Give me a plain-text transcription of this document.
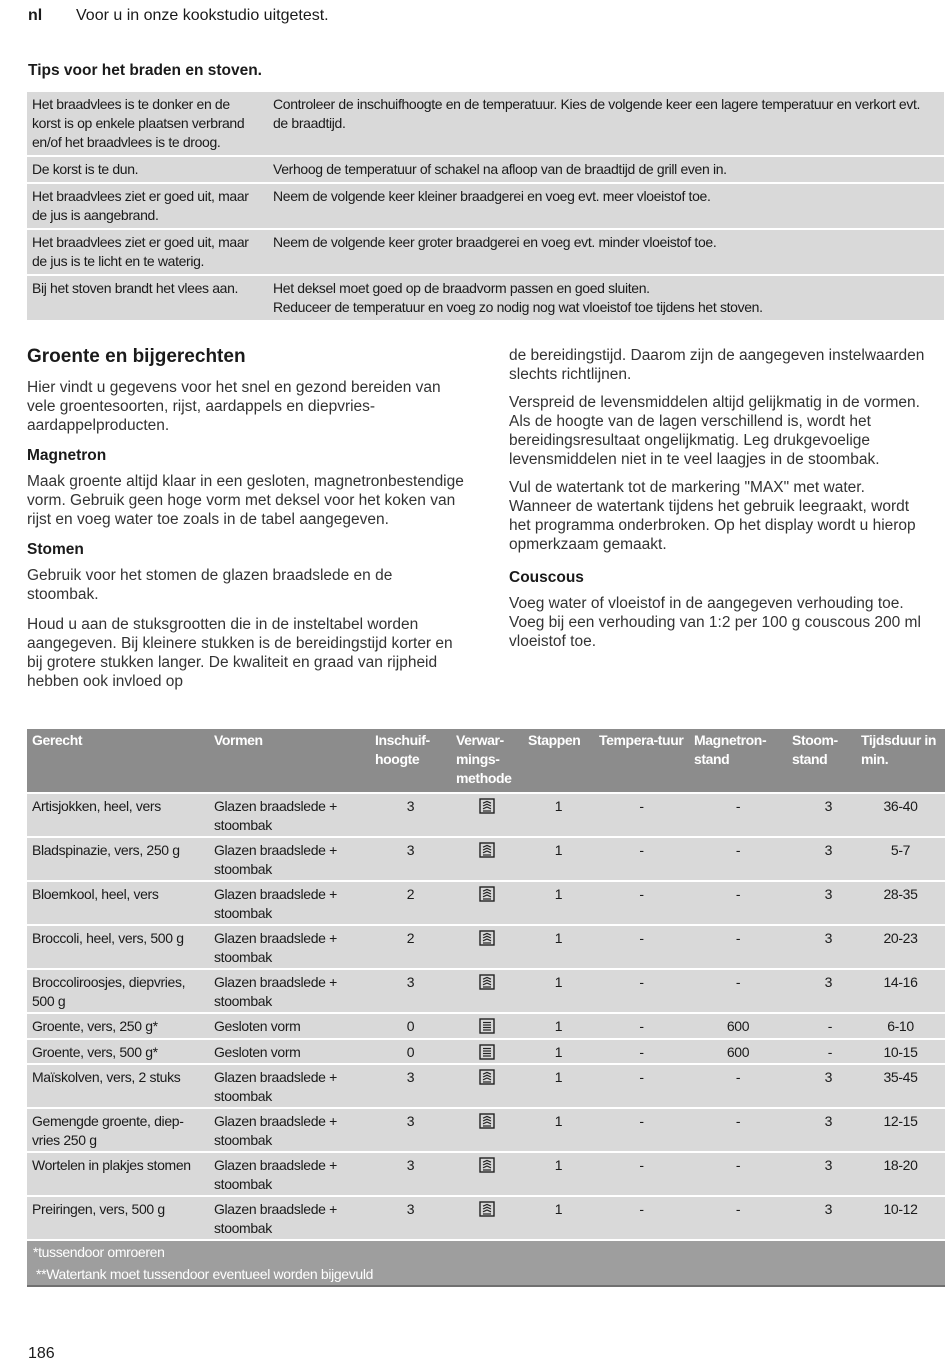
nl Voor u in onze kookstudio uitgetest.
Tips voor het braden en stoven.
Het braadvlees is te donker en de korst is op enkele plaatsen verbrand en/of het braadvlees is te droog.	Controleer de inschuifhoogte en de temperatuur. Kies de volgende keer een lagere temperatuur en verkort evt. de braadtijd.
De korst is te dun.	Verhoog de temperatuur of schakel na afloop van de braadtijd de grill even in.
Het braadvlees ziet er goed uit, maar de jus is aangebrand.	Neem de volgende keer kleiner braadgerei en voeg evt. meer vloeistof toe.
Het braadvlees ziet er goed uit, maar de jus is te licht en te waterig.	Neem de volgende keer groter braadgerei en voeg evt. minder vloeistof toe.
Bij het stoven brandt het vlees aan.	Het deksel moet goed op de braadvorm passen en goed sluiten.
Reduceer de temperatuur en voeg zo nodig nog wat vloeistof toe tijdens het stoven.
Groente en bijgerechten

Hier vindt u gegevens voor het snel en gezond bereiden van vele groentesoorten, rijst, aardappels en diepvries-aardappelproducten.

Magnetron

Maak groente altijd klaar in een gesloten, magnetronbestendige vorm. Gebruik geen hoge vorm met deksel voor het koken van rijst en voeg water toe zoals in de tabel aangegeven.

Stomen

Gebruik voor het stomen de glazen braadslede en de stoombak.

Houd u aan de stuksgrootten die in de insteltabel worden aangegeven. Bij kleinere stukken is de bereidingstijd korter en bij grotere stukken langer. De kwaliteit en graad van rijpheid hebben ook invloed op

de bereidingstijd. Daarom zijn de aangegeven instelwaarden slechts richtlijnen.

Verspreid de levensmiddelen altijd gelijkmatig in de vormen. Als de hoogte van de lagen verschillend is, wordt het bereidingsresultaat ongelijkmatig. Leg drukgevoelige levensmiddelen niet in te veel laagjes in de stoombak.

Vul de watertank tot de markering "MAX" met water. Wanneer de watertank tijdens het gebruik leegraakt, wordt het programma onderbroken. Op het display wordt u hierop opmerkzaam gemaakt.

Couscous

Voeg water of vloeistof in de aangegeven verhouding toe. Voeg bij een verhouding van 1:2 per 100 g couscous 200 ml vloeistof toe.

Gerecht	Vormen	Inschuif-hoogte	Verwar-mings-methode	Stappen	Tempera-tuur	Magnetron-stand	Stoom-stand	Tijdsduur in min.
Artisjokken, heel, vers	Glazen braadslede + stoombak	3		1	-	-	3	36-40
Bladspinazie, vers, 250 g	Glazen braadslede + stoombak	3		1	-	-	3	5-7
Bloemkool, heel, vers	Glazen braadslede + stoombak	2		1	-	-	3	28-35
Broccoli, heel, vers, 500 g	Glazen braadslede + stoombak	2		1	-	-	3	20-23
Broccoliroosjes, diepvries, 500 g	Glazen braadslede + stoombak	3		1	-	-	3	14-16
Groente, vers, 250 g*	Gesloten vorm	0		1	-	600	-	6-10
Groente, vers, 500 g*	Gesloten vorm	0		1	-	600	-	10-15
Maïskolven, vers, 2 stuks	Glazen braadslede + stoombak	3		1	-	-	3	35-45
Gemengde groente, diep-vries 250 g	Glazen braadslede + stoombak	3		1	-	-	3	12-15
Wortelen in plakjes stomen	Glazen braadslede + stoombak	3		1	-	-	3	18-20
Preiringen, vers, 500 g	Glazen braadslede + stoombak	3		1	-	-	3	10-12
*tussendoor omroeren								
**Watertank moet tussendoor eventueel worden bijgevuld								
186
